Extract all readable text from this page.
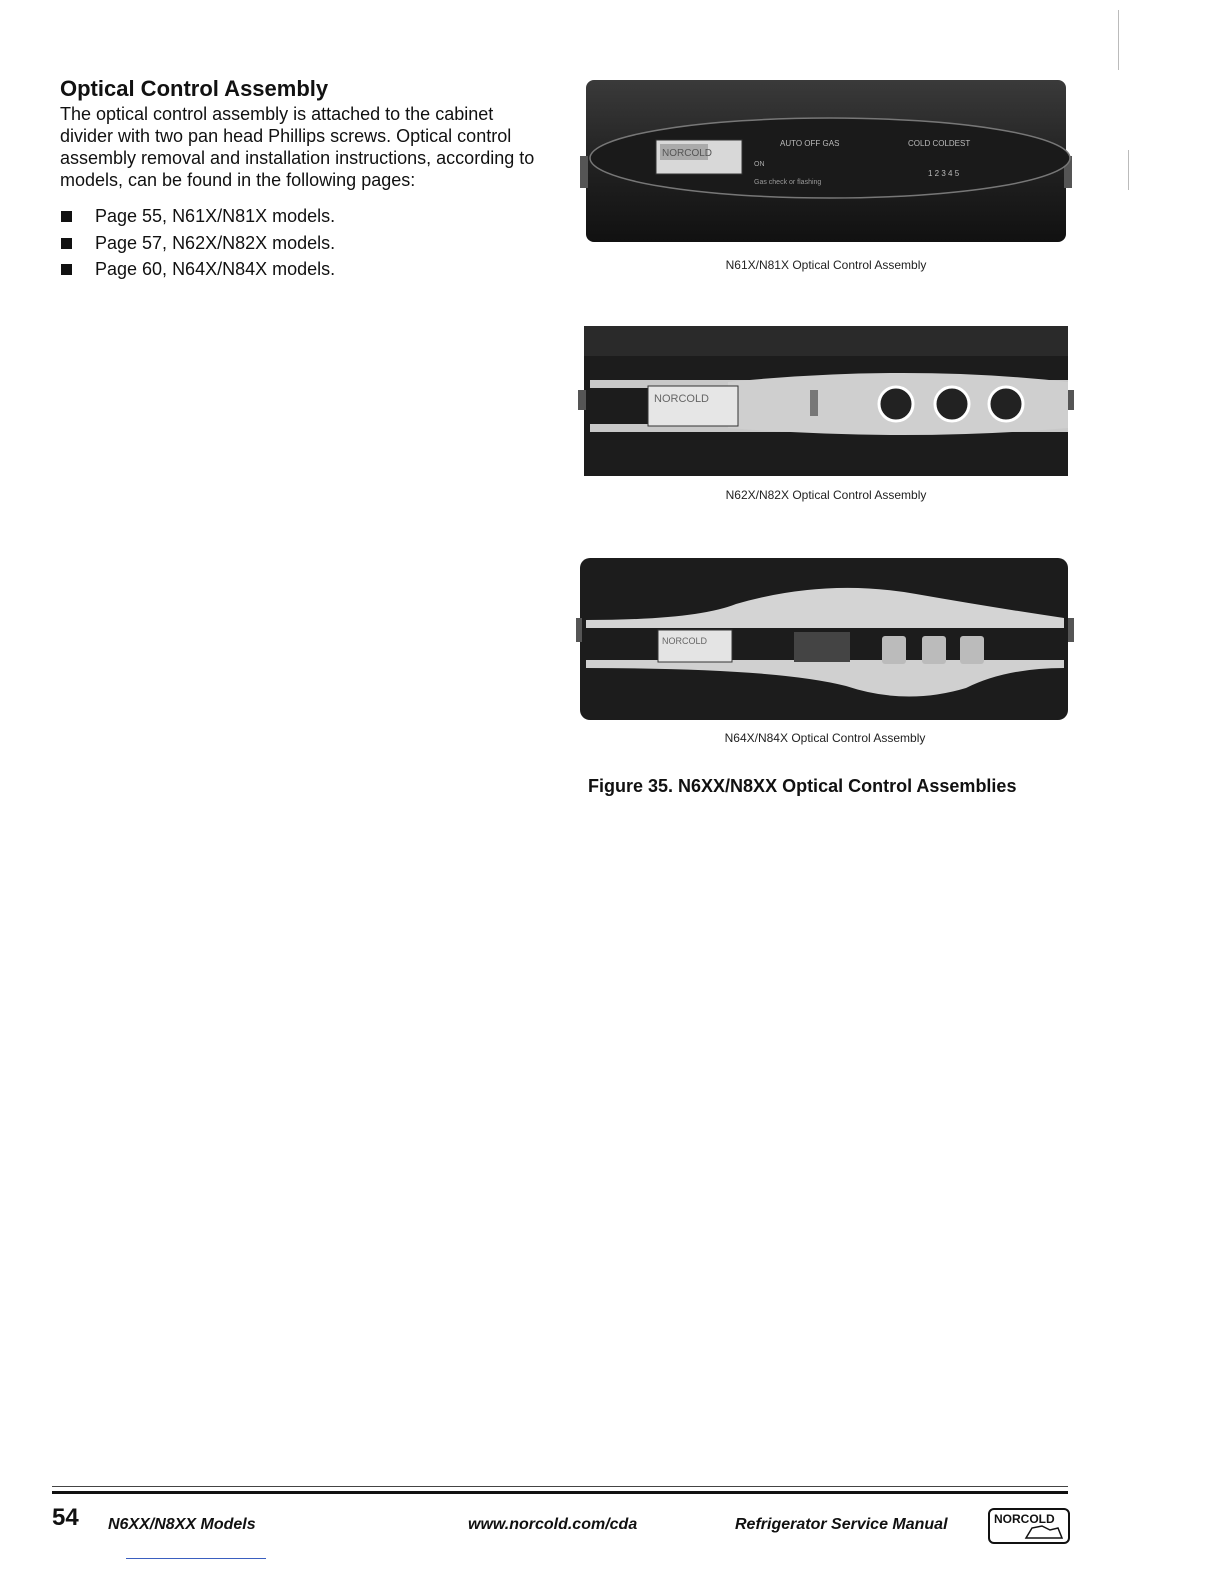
Optical Control Assembly

The optical control assembly is attached to the cabinet divider with two pan head Phillips screws. Optical control assembly removal and installation instructions, according to models, can be found in the following pages:

Page 55, N61X/N81X models.
Page 57, N62X/N82X models.
Page 60, N64X/N84X models.
NORCOLD
AUTO OFF GAS	COLD COLDEST
ON
Gas check or flashing
1 2 3 4 5
N61X/N81X Optical Control Assembly
NORCOLD
N62X/N82X Optical Control Assembly
NORCOLD
N64X/N84X Optical Control Assembly
Figure 35. N6XX/N8XX Optical Control Assemblies
54 N6XX/N8XX Models	www.norcold.com/cda	Refrigerator Service Manual	NORCOLD
